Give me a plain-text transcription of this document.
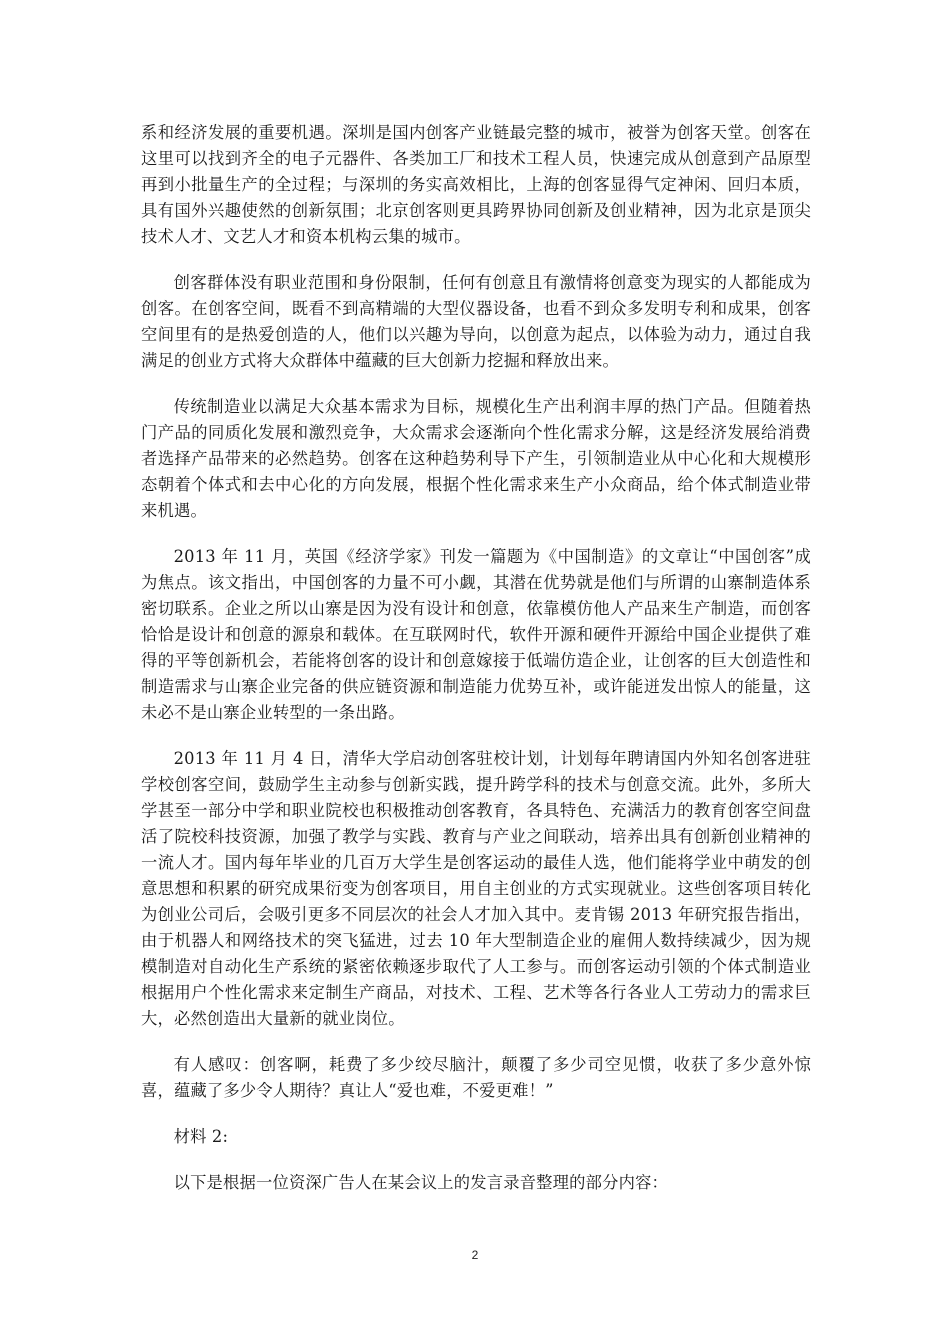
系和经济发展的重要机遇。深圳是国内创客产业链最完整的城市，被誉为创客天堂。创客在这里可以找到齐全的电子元器件、各类加工厂和技术工程人员，快速完成从创意到产品原型再到小批量生产的全过程；与深圳的务实高效相比，上海的创客显得气定神闲、回归本质，具有国外兴趣使然的创新氛围；北京创客则更具跨界协同创新及创业精神，因为北京是顶尖技术人才、文艺人才和资本机构云集的城市。

创客群体没有职业范围和身份限制，任何有创意且有激情将创意变为现实的人都能成为创客。在创客空间，既看不到高精端的大型仪器设备，也看不到众多发明专利和成果，创客空间里有的是热爱创造的人，他们以兴趣为导向，以创意为起点，以体验为动力，通过自我满足的创业方式将大众群体中蕴藏的巨大创新力挖掘和释放出来。

传统制造业以满足大众基本需求为目标，规模化生产出利润丰厚的热门产品。但随着热门产品的同质化发展和激烈竞争，大众需求会逐渐向个性化需求分解，这是经济发展给消费者选择产品带来的必然趋势。创客在这种趋势利导下产生，引领制造业从中心化和大规模形态朝着个体式和去中心化的方向发展，根据个性化需求来生产小众商品，给个体式制造业带来机遇。

2013 年 11 月，英国《经济学家》刊发一篇题为《中国制造》的文章让“中国创客”成为焦点。该文指出，中国创客的力量不可小觑，其潜在优势就是他们与所谓的山寨制造体系密切联系。企业之所以山寨是因为没有设计和创意，依靠模仿他人产品来生产制造，而创客恰恰是设计和创意的源泉和载体。在互联网时代，软件开源和硬件开源给中国企业提供了难得的平等创新机会，若能将创客的设计和创意嫁接于低端仿造企业，让创客的巨大创造性和制造需求与山寨企业完备的供应链资源和制造能力优势互补，或许能迸发出惊人的能量，这未必不是山寨企业转型的一条出路。

2013 年 11 月 4 日，清华大学启动创客驻校计划，计划每年聘请国内外知名创客进驻学校创客空间，鼓励学生主动参与创新实践，提升跨学科的技术与创意交流。此外，多所大学甚至一部分中学和职业院校也积极推动创客教育，各具特色、充满活力的教育创客空间盘活了院校科技资源，加强了教学与实践、教育与产业之间联动，培养出具有创新创业精神的一流人才。国内每年毕业的几百万大学生是创客运动的最佳人选，他们能将学业中萌发的创意思想和积累的研究成果衍变为创客项目，用自主创业的方式实现就业。这些创客项目转化为创业公司后，会吸引更多不同层次的社会人才加入其中。麦肯锡 2013 年研究报告指出，由于机器人和网络技术的突飞猛进，过去 10 年大型制造企业的雇佣人数持续减少，因为规模制造对自动化生产系统的紧密依赖逐步取代了人工参与。而创客运动引领的个体式制造业根据用户个性化需求来定制生产商品，对技术、工程、艺术等各行各业人工劳动力的需求巨大，必然创造出大量新的就业岗位。

有人感叹：创客啊，耗费了多少绞尽脑汁，颠覆了多少司空见惯，收获了多少意外惊喜，蕴藏了多少令人期待？真让人“爱也难，不爱更难！”

材料 2:

以下是根据一位资深广告人在某会议上的发言录音整理的部分内容：

2
